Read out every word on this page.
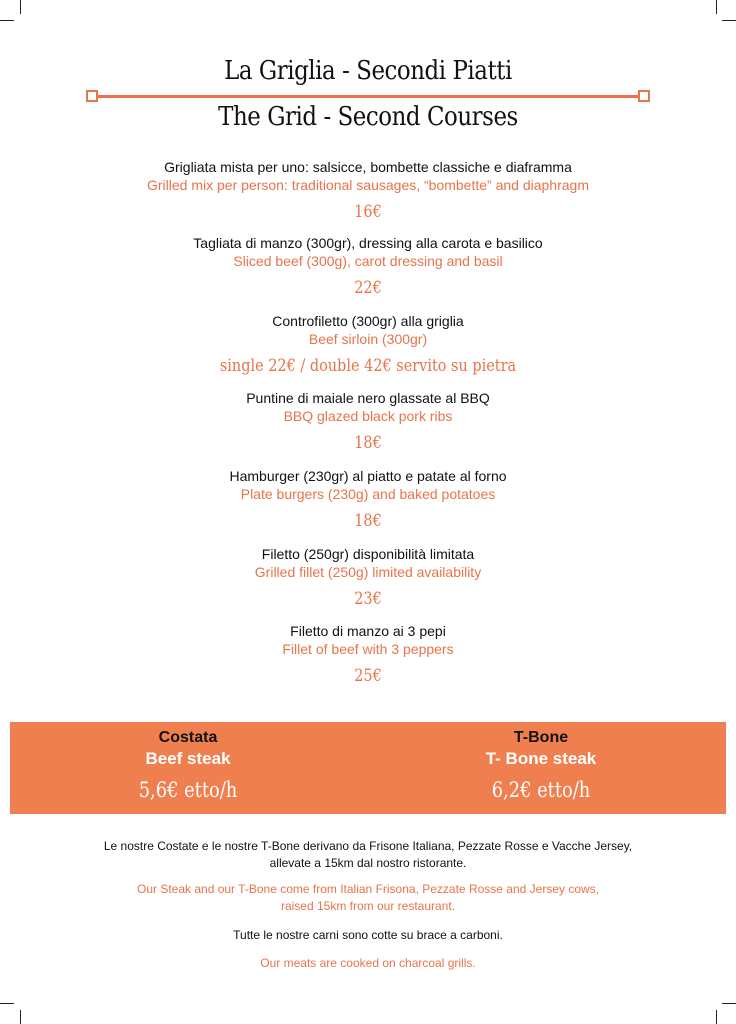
La Griglia - Secondi Piatti
The Grid - Second Courses
Grigliata mista per uno: salsicce, bombette classiche e diaframma
Grilled mix per person: traditional sausages, “bombette” and diaphragm
16€
Tagliata di manzo (300gr), dressing alla carota e basilico
Sliced beef (300g), carot dressing and basil
22€
Controfiletto (300gr) alla griglia
Beef sirloin (300gr)
single 22€ / double 42€ servito su pietra
Puntine di maiale nero glassate al BBQ
BBQ glazed black pork ribs
18€
Hamburger (230gr) al piatto e patate al forno
Plate burgers (230g) and baked potatoes
18€
Filetto (250gr) disponibilità limitata
Grilled fillet (250g) limited availability
23€
Filetto di manzo ai 3 pepi
Fillet of beef with 3 peppers
25€
Costata
Beef steak
5,6€ etto/h
T-Bone
T- Bone steak
6,2€ etto/h
Le nostre Costate e le nostre T-Bone derivano da Frisone Italiana, Pezzate Rosse e Vacche Jersey,
allevate a 15km dal nostro ristorante.
Our Steak and our T-Bone come from Italian Frisona, Pezzate Rosse and Jersey cows,
raised 15km from our restaurant.
Tutte le nostre carni sono cotte su brace a carboni.
Our meats are cooked on charcoal grills.
